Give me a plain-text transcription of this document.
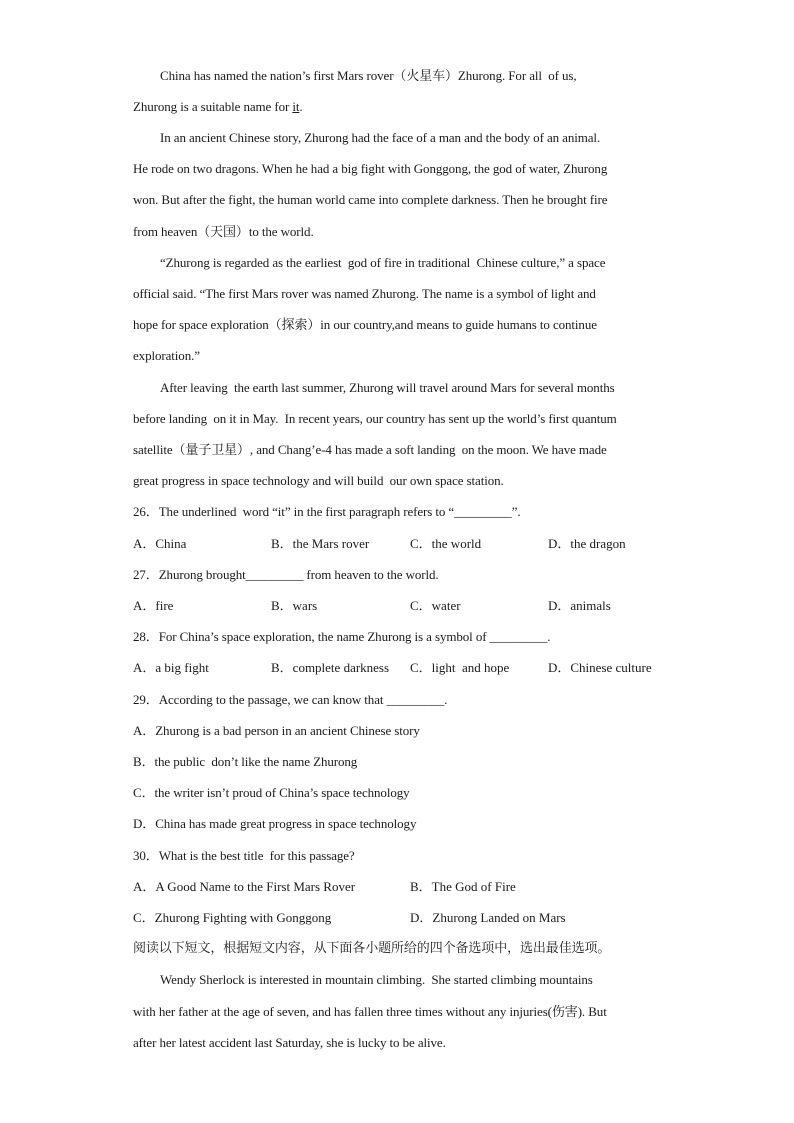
China has named the nation’s first Mars rover（火星车）Zhurong. For all  of us,
Zhurong is a suitable name for it.
In an ancient Chinese story, Zhurong had the face of a man and the body of an animal.
He rode on two dragons. When he had a big fight with Gonggong, the god of water, Zhurong
won. But after the fight, the human world came into complete darkness. Then he brought fire
from heaven（天国）to the world.
“Zhurong is regarded as the earliest  god of fire in traditional  Chinese culture,” a space
official said. “The first Mars rover was named Zhurong. The name is a symbol of light and
hope for space exploration（探索）in our country,and means to guide humans to continue
exploration.”
After leaving  the earth last summer, Zhurong will travel around Mars for several months
before landing  on it in May.  In recent years, our country has sent up the world’s first quantum
satellite（量子卫星）, and Chang’e-4 has made a soft landing  on the moon. We have made
great progress in space technology and will build  our own space station.
26．The underlined  word “it” in the first paragraph refers to “_________”.
A．China	B．the Mars rover	C．the world	D．the dragon
27．Zhurong brought_________ from heaven to the world.
A．fire	B．wars	C．water	D．animals
28．For China’s space exploration, the name Zhurong is a symbol of _________.
A．a big fight	B．complete darkness C．light  and hope	D．Chinese culture
29．According to the passage, we can know that _________.
A．Zhurong is a bad person in an ancient Chinese story
B．the public  don’t like the name Zhurong
C．the writer isn’t proud of China’s space technology
D．China has made great progress in space technology
30．What is the best title  for this passage?
A．A Good Name to the First Mars Rover	B．The God of Fire
C．Zhurong Fighting with Gonggong	D．Zhurong Landed on Mars
阅读以下短文，根据短文内容，从下面各小题所给的四个备选项中，选出最佳选项。
Wendy Sherlock is interested in mountain climbing.  She started climbing mountains
with her father at the age of seven, and has fallen three times without any injuries(伤害). But
after her latest accident last Saturday, she is lucky to be alive.
